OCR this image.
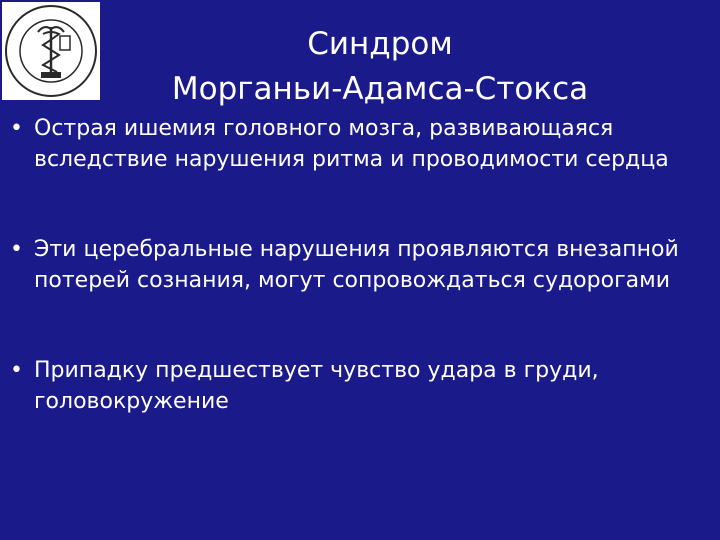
Синдром
Морганьи-Адамса-Стокса
• Острая ишемия головного мозга, развивающаяся вследствие нарушения ритма и проводимости сердца
• Эти церебральные нарушения проявляются внезапной потерей сознания, могут сопровождаться судорогами
• Припадку предшествует чувство удара в груди, головокружение
